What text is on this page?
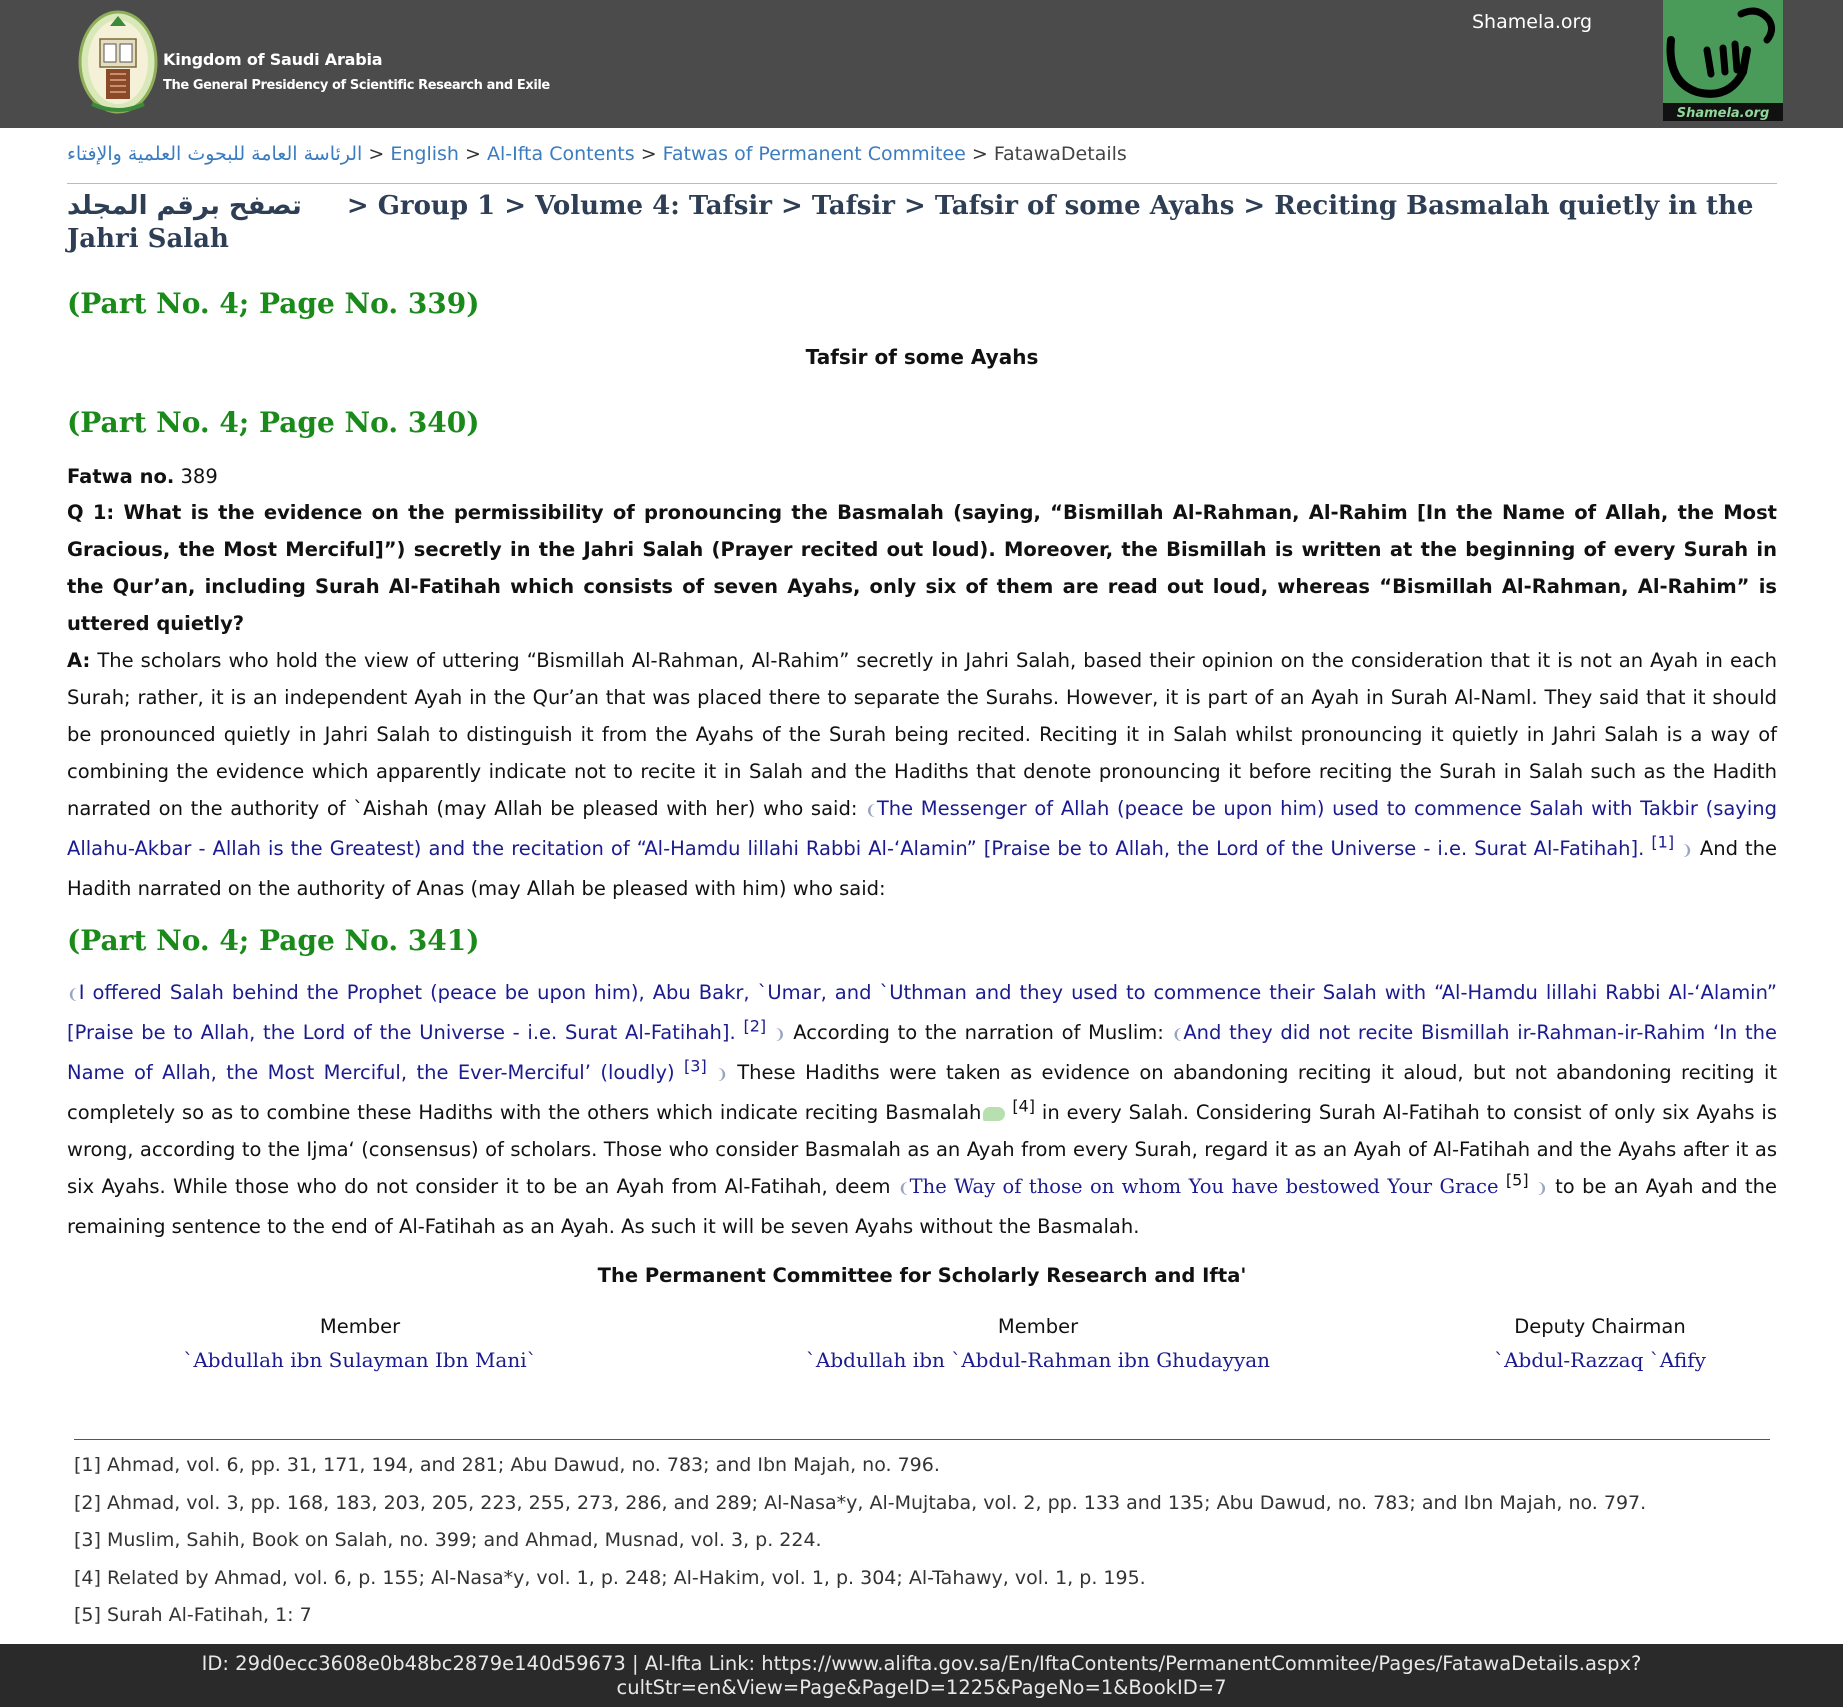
Kingdom of Saudi Arabia
The General Presidency of Scientific Research and Exile
Shamela.org
Shamela.org
الرئاسة العامة للبحوث العلمية والإفتاء > English > Al-Ifta Contents > Fatwas of Permanent Commitee > FatawaDetails
تصفح برقم المجلد > Group 1 > Volume 4: Tafsir > Tafsir > Tafsir of some Ayahs > Reciting Basmalah quietly in the Jahri Salah
(Part No. 4; Page No. 339)
Tafsir of some Ayahs
(Part No. 4; Page No. 340)
Fatwa no. 389
Q 1: What is the evidence on the permissibility of pronouncing the Basmalah (saying, “Bismillah Al-Rahman, Al-Rahim [In the Name of Allah, the Most Gracious, the Most Merciful]”) secretly in the Jahri Salah (Prayer recited out loud). Moreover, the Bismillah is written at the beginning of every Surah in the Qur’an, including Surah Al-Fatihah which consists of seven Ayahs, only six of them are read out loud, whereas “Bismillah Al-Rahman, Al-Rahim” is uttered quietly?
A: The scholars who hold the view of uttering “Bismillah Al-Rahman, Al-Rahim” secretly in Jahri Salah, based their opinion on the consideration that it is not an Ayah in each Surah; rather, it is an independent Ayah in the Qur’an that was placed there to separate the Surahs. However, it is part of an Ayah in Surah Al-Naml. They said that it should be pronounced quietly in Jahri Salah to distinguish it from the Ayahs of the Surah being recited. Reciting it in Salah whilst pronouncing it quietly in Jahri Salah is a way of combining the evidence which apparently indicate not to recite it in Salah and the Hadiths that denote pronouncing it before reciting the Surah in Salah such as the Hadith narrated on the authority of `Aishah (may Allah be pleased with her) who said: ❨The Messenger of Allah (peace be upon him) used to commence Salah with Takbir (saying Allahu-Akbar - Allah is the Greatest) and the recitation of “Al-Hamdu lillahi Rabbi Al-‘Alamin” [Praise be to Allah, the Lord of the Universe - i.e. Surat Al-Fatihah]. [1] ❩ And the Hadith narrated on the authority of Anas (may Allah be pleased with him) who said:
(Part No. 4; Page No. 341)
❨I offered Salah behind the Prophet (peace be upon him), Abu Bakr, `Umar, and `Uthman and they used to commence their Salah with “Al-Hamdu lillahi Rabbi Al-‘Alamin” [Praise be to Allah, the Lord of the Universe - i.e. Surat Al-Fatihah]. [2] ❩ According to the narration of Muslim: ❨And they did not recite Bismillah ir-Rahman-ir-Rahim ‘In the Name of Allah, the Most Merciful, the Ever-Merciful’ (loudly) [3] ❩ These Hadiths were taken as evidence on abandoning reciting it aloud, but not abandoning reciting it completely so as to combine these Hadiths with the others which indicate reciting Basmalah [4] in every Salah. Considering Surah Al-Fatihah to consist of only six Ayahs is wrong, according to the Ijma‘ (consensus) of scholars. Those who consider Basmalah as an Ayah from every Surah, regard it as an Ayah of Al-Fatihah and the Ayahs after it as six Ayahs. While those who do not consider it to be an Ayah from Al-Fatihah, deem ❨The Way of those on whom You have bestowed Your Grace [5] ❩ to be an Ayah and the remaining sentence to the end of Al-Fatihah as an Ayah. As such it will be seven Ayahs without the Basmalah.
The Permanent Committee for Scholarly Research and Ifta'
Member
`Abdullah ibn Sulayman Ibn Mani`
Member
`Abdullah ibn `Abdul-Rahman ibn Ghudayyan
Deputy Chairman
`Abdul-Razzaq `Afify
[1] Ahmad, vol. 6, pp. 31, 171, 194, and 281; Abu Dawud, no. 783; and Ibn Majah, no. 796.
[2] Ahmad, vol. 3, pp. 168, 183, 203, 205, 223, 255, 273, 286, and 289; Al-Nasa*y, Al-Mujtaba, vol. 2, pp. 133 and 135; Abu Dawud, no. 783; and Ibn Majah, no. 797.
[3] Muslim, Sahih, Book on Salah, no. 399; and Ahmad, Musnad, vol. 3, p. 224.
[4] Related by Ahmad, vol. 6, p. 155; Al-Nasa*y, vol. 1, p. 248; Al-Hakim, vol. 1, p. 304; Al-Tahawy, vol. 1, p. 195.
[5] Surah Al-Fatihah, 1: 7
ID: 29d0ecc3608e0b48bc2879e140d59673 | Al-Ifta Link: https://www.alifta.gov.sa/En/IftaContents/PermanentCommitee/Pages/FatawaDetails.aspx?
cultStr=en&View=Page&PageID=1225&PageNo=1&BookID=7
